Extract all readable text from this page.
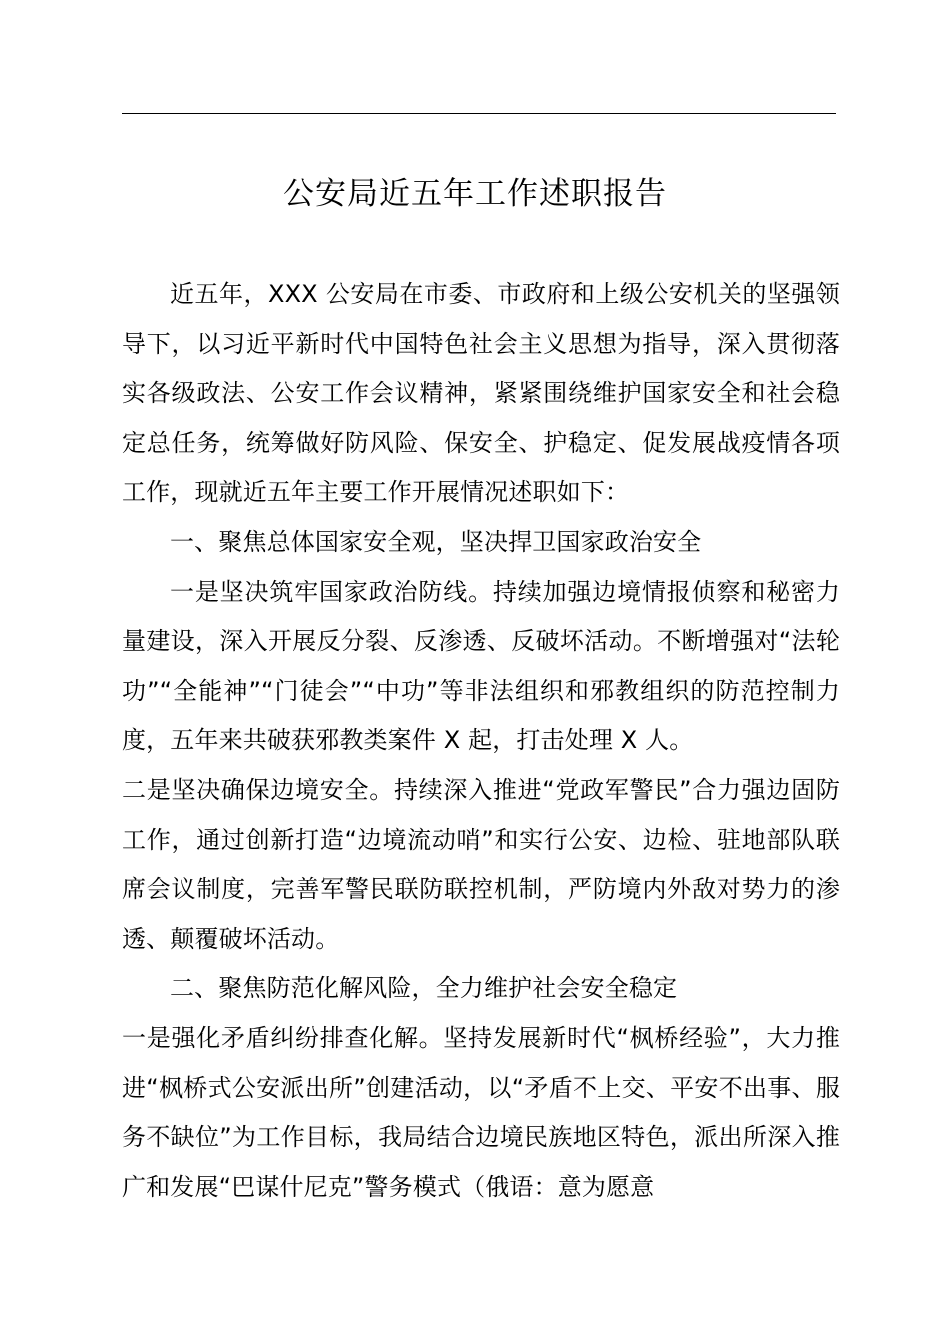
公安局近五年工作述职报告

近五年，XXX 公安局在市委、市政府和上级公安机关的坚强领导下，以习近平新时代中国特色社会主义思想为指导，深入贯彻落实各级政法、公安工作会议精神，紧紧围绕维护国家安全和社会稳定总任务，统筹做好防风险、保安全、护稳定、促发展战疫情各项工作，现就近五年主要工作开展情况述职如下：

一、聚焦总体国家安全观，坚决捍卫国家政治安全

一是坚决筑牢国家政治防线。持续加强边境情报侦察和秘密力量建设，深入开展反分裂、反渗透、反破坏活动。不断增强对“法轮功”“全能神”“门徒会”“中功”等非法组织和邪教组织的防范控制力度，五年来共破获邪教类案件 X 起，打击处理 X 人。

二是坚决确保边境安全。持续深入推进“党政军警民”合力强边固防工作，通过创新打造“边境流动哨”和实行公安、边检、驻地部队联席会议制度，完善军警民联防联控机制，严防境内外敌对势力的渗透、颠覆破坏活动。

二、聚焦防范化解风险，全力维护社会安全稳定

一是强化矛盾纠纷排查化解。坚持发展新时代“枫桥经验”，大力推进“枫桥式公安派出所”创建活动，以“矛盾不上交、平安不出事、服务不缺位”为工作目标，我局结合边境民族地区特色，派出所深入推广和发展“巴谋什尼克”警务模式（俄语：意为愿意
